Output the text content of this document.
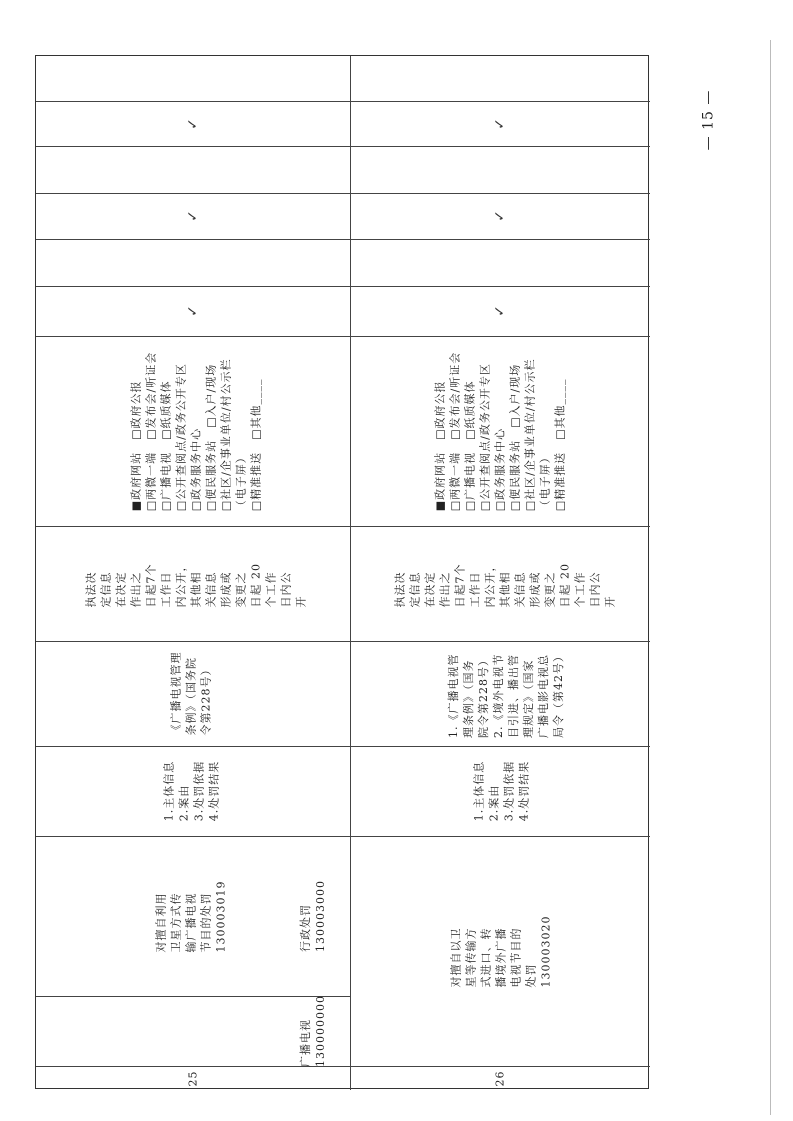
— 15 —
25
广播电视
130000000
行政处罚
130003000
对擅自利用
卫星方式传
输广播电视
节目的处罚
130003019
1.主体信息
2.案由
3.处罚依据
4.处罚结果
《广播电视管理
条例》（国务院
令第228号）
执法决
定信息
在决定
作出之
日起7个
工作日
内公开，
其他相
关信息
形成或
变更之
日起 20
个工作
日内公
开
■政府网站　□政府公报
□两微一端　□发布会/听证会
□广播电视　□纸质媒体
□公开查阅点/政务公开专区
□政务服务中心
□便民服务站　□入户/现场
□社区/企事业单位/村公示栏
（电子屏）
□精准推送　□其他____
✓
✓
✓
26
对擅自以卫
星等传输方
式进口、转
播境外广播
电视节目的
处罚
130003020
1.主体信息
2.案由
3.处罚依据
4.处罚结果
1.《广播电视管
理条例》（国务
院令第228号）
2.《境外电视节
目引进、播出管
理规定》（国家
广播电影电视总
局令（第42号）
执法决
定信息
在决定
作出之
日起7个
工作日
内公开，
其他相
关信息
形成或
变更之
日起 20
个工作
日内公
开
■政府网站　□政府公报
□两微一端　□发布会/听证会
□广播电视　□纸质媒体
□公开查阅点/政务公开专区
□政务服务中心
□便民服务站　□入户/现场
□社区/企事业单位/村公示栏
（电子屏）
□精准推送　□其他____
✓
✓
✓
